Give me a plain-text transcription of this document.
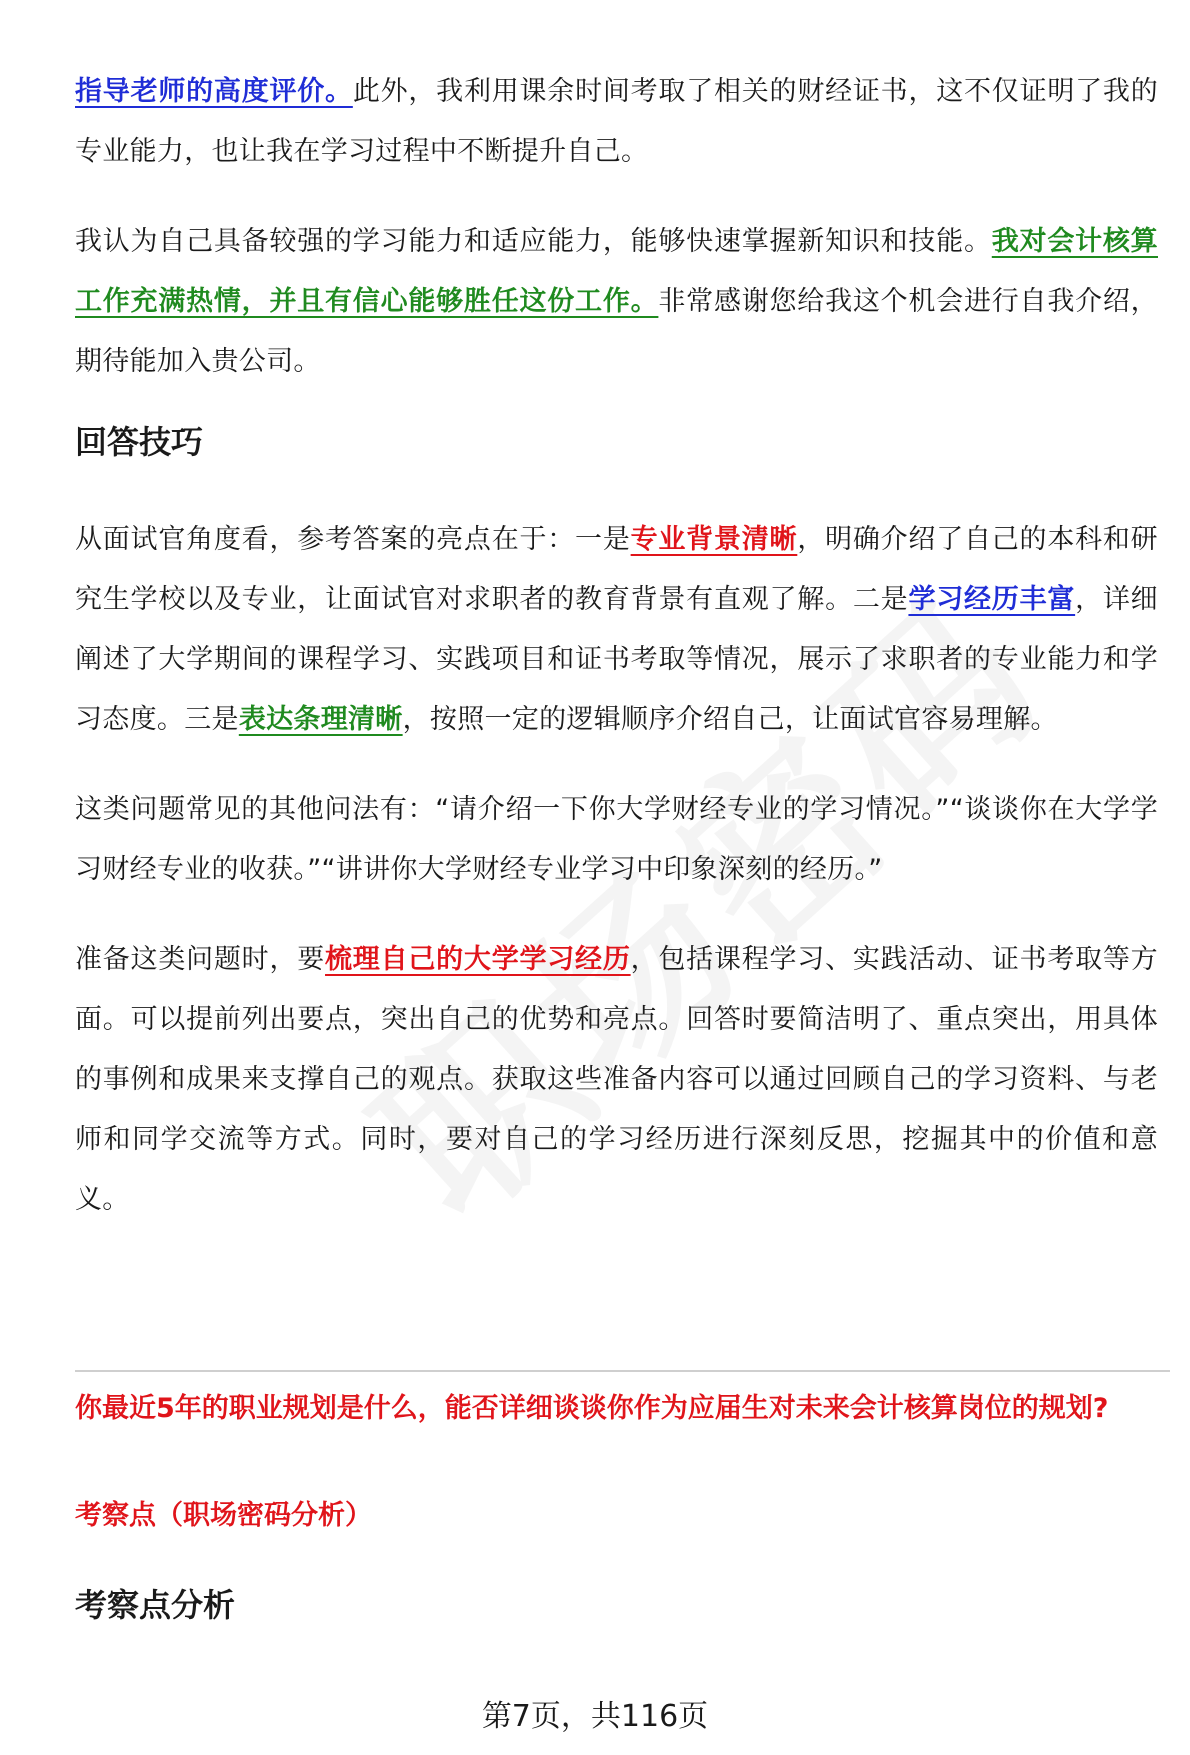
指导老师的高度评价。此外，我利用课余时间考取了相关的财经证书，这不仅证明了我的专业能力，也让我在学习过程中不断提升自己。

我认为自己具备较强的学习能力和适应能力，能够快速掌握新知识和技能。我对会计核算工作充满热情，并且有信心能够胜任这份工作。非常感谢您给我这个机会进行自我介绍，期待能加入贵公司。

回答技巧

从面试官角度看，参考答案的亮点在于：一是专业背景清晰，明确介绍了自己的本科和研究生学校以及专业，让面试官对求职者的教育背景有直观了解。二是学习经历丰富，详细阐述了大学期间的课程学习、实践项目和证书考取等情况，展示了求职者的专业能力和学习态度。三是表达条理清晰，按照一定的逻辑顺序介绍自己，让面试官容易理解。

这类问题常见的其他问法有：“请介绍一下你大学财经专业的学习情况。”“谈谈你在大学学习财经专业的收获。”“讲讲你大学财经专业学习中印象深刻的经历。”

准备这类问题时，要梳理自己的大学学习经历，包括课程学习、实践活动、证书考取等方面。可以提前列出要点，突出自己的优势和亮点。回答时要简洁明了、重点突出，用具体的事例和成果来支撑自己的观点。获取这些准备内容可以通过回顾自己的学习资料、与老师和同学交流等方式。同时，要对自己的学习经历进行深刻反思，挖掘其中的价值和意义。

你最近5年的职业规划是什么，能否详细谈谈你作为应届生对未来会计核算岗位的规划?
考察点（职场密码分析）
考察点分析
第7页，共116页
